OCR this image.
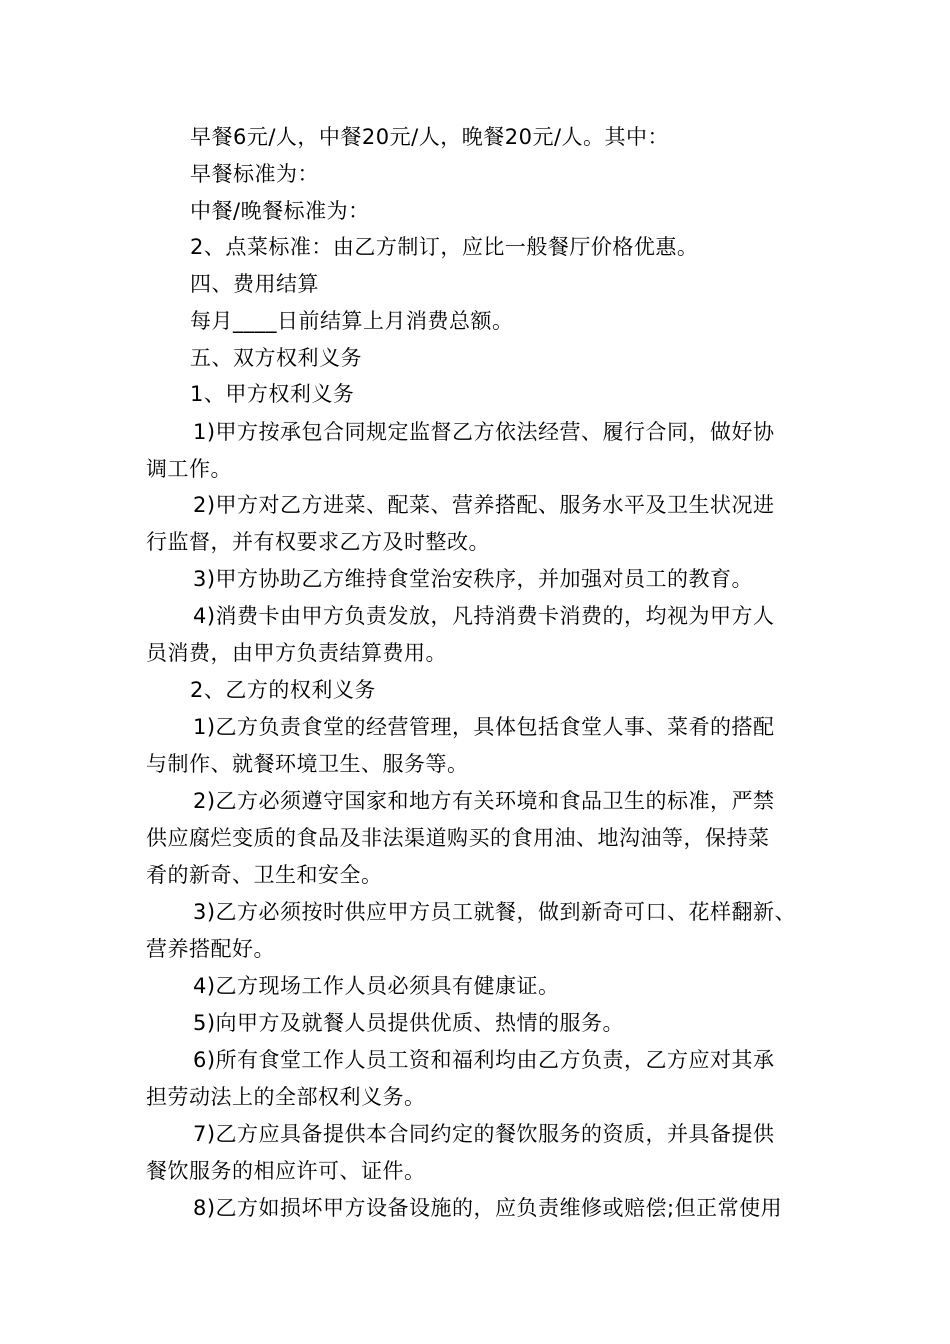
早餐6元/人，中餐20元/人，晚餐20元/人。其中：
早餐标准为：
中餐/晚餐标准为：
2、点菜标准：由乙方制订，应比一般餐厅价格优惠。
四、费用结算
每月____日前结算上月消费总额。
五、双方权利义务
1、甲方权利义务
1)甲方按承包合同规定监督乙方依法经营、履行合同，做好协
调工作。
2)甲方对乙方进菜、配菜、营养搭配、服务水平及卫生状况进
行监督，并有权要求乙方及时整改。
3)甲方协助乙方维持食堂治安秩序，并加强对员工的教育。
4)消费卡由甲方负责发放，凡持消费卡消费的，均视为甲方人
员消费，由甲方负责结算费用。
2、乙方的权利义务
1)乙方负责食堂的经营管理，具体包括食堂人事、菜肴的搭配
与制作、就餐环境卫生、服务等。
2)乙方必须遵守国家和地方有关环境和食品卫生的标准，严禁
供应腐烂变质的食品及非法渠道购买的食用油、地沟油等，保持菜
肴的新奇、卫生和安全。
3)乙方必须按时供应甲方员工就餐，做到新奇可口、花样翻新、
营养搭配好。
4)乙方现场工作人员必须具有健康证。
5)向甲方及就餐人员提供优质、热情的服务。
6)所有食堂工作人员工资和福利均由乙方负责，乙方应对其承
担劳动法上的全部权利义务。
7)乙方应具备提供本合同约定的餐饮服务的资质，并具备提供
餐饮服务的相应许可、证件。
8)乙方如损坏甲方设备设施的，应负责维修或赔偿;但正常使用
